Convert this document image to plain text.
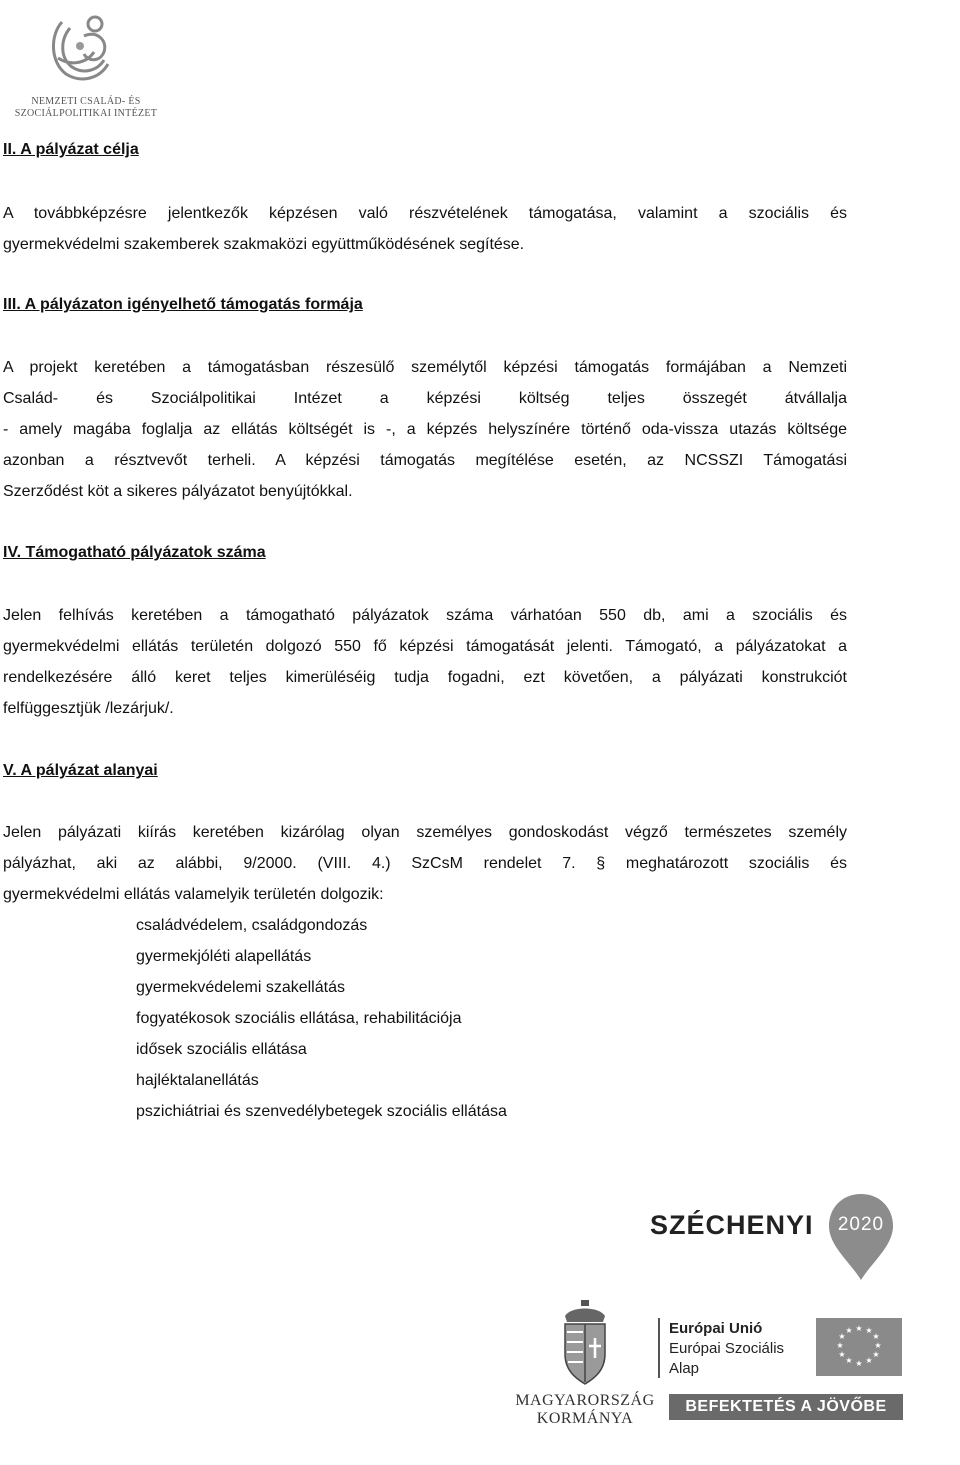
NEMZETI CSALÁD- ÉS
SZOCIÁLPOLITIKAI INTÉZET
II. A pályázat célja
A továbbképzésre jelentkezők képzésen való részvételének támogatása, valamint a szociális és
gyermekvédelmi szakemberek szakmaközi együttműködésének segítése.
III. A pályázaton igényelhető támogatás formája
A projekt keretében a támogatásban részesülő személytől képzési támogatás formájában a Nemzeti
Család- és Szociálpolitikai Intézet a képzési költség teljes összegét átvállalja
- amely magába foglalja az ellátás költségét is -, a képzés helyszínére történő oda-vissza utazás költsége
azonban a résztvevőt terheli. A képzési támogatás megítélése esetén, az NCSSZI Támogatási
Szerződést köt a sikeres pályázatot benyújtókkal.
IV. Támogatható pályázatok száma
Jelen felhívás keretében a támogatható pályázatok száma várhatóan 550 db, ami a szociális és
gyermekvédelmi ellátás területén dolgozó 550 fő képzési támogatását jelenti. Támogató, a pályázatokat a
rendelkezésére álló keret teljes kimerüléséig tudja fogadni, ezt követően, a pályázati konstrukciót
felfüggesztjük /lezárjuk/.
V. A pályázat alanyai
Jelen pályázati kiírás keretében kizárólag olyan személyes gondoskodást végző természetes személy
pályázhat, aki az alábbi, 9/2000. (VIII. 4.) SzCsM rendelet 7. § meghatározott szociális és
gyermekvédelmi ellátás valamelyik területén dolgozik:
családvédelem, családgondozás
gyermekjóléti alapellátás
gyermekvédelemi szakellátás
fogyatékosok szociális ellátása, rehabilitációja
idősek szociális ellátása
hajléktalanellátás
pszichiátriai és szenvedélybetegek szociális ellátása
SZÉCHENYI 2020
MAGYARORSZÁG
KORMÁNYA
Európai Unió
Európai Szociális
Alap
★ ★
★
★
★
★
★
★
★
★
★
★
BEFEKTETÉS A JÖVŐBE
